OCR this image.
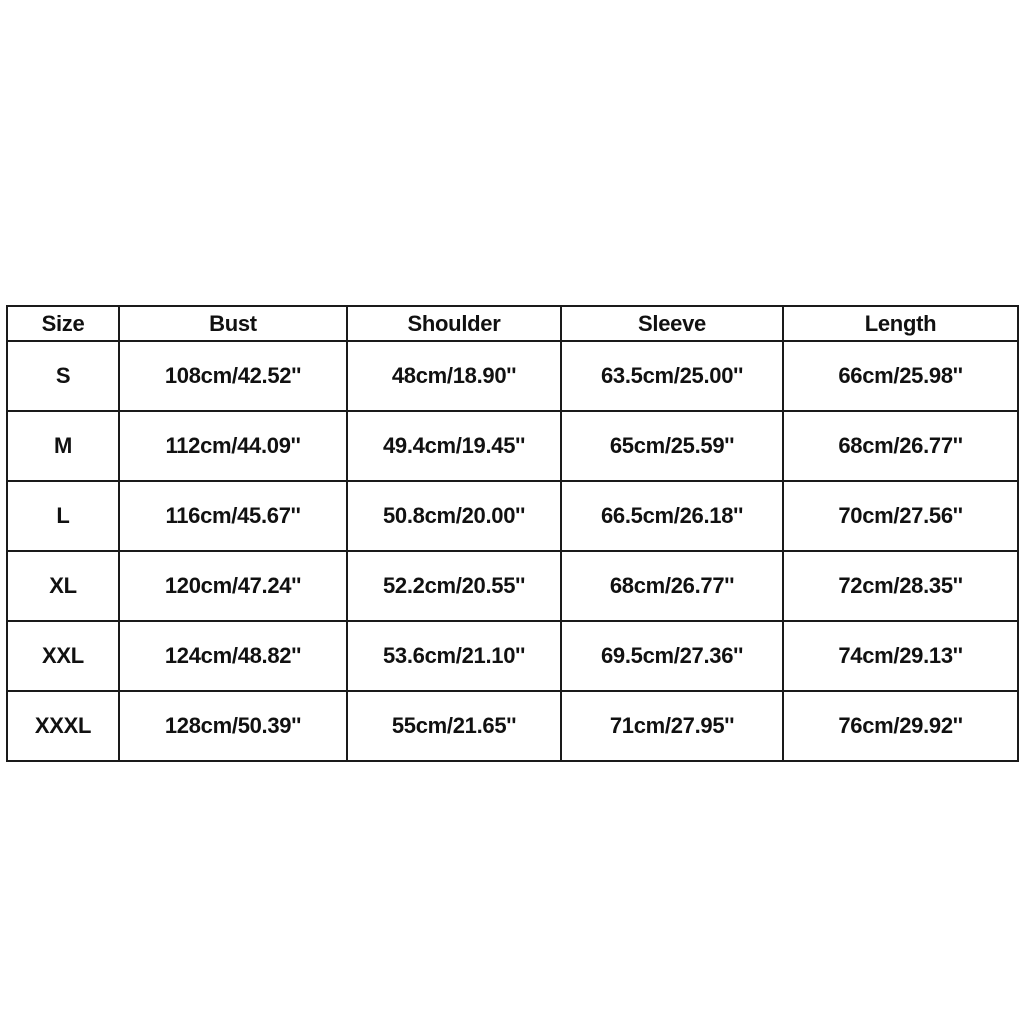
Size	Bust	Shoulder	Sleeve	Length
S	108cm/42.52''	48cm/18.90''	63.5cm/25.00''	66cm/25.98''
M	112cm/44.09''	49.4cm/19.45''	65cm/25.59''	68cm/26.77''
L	116cm/45.67''	50.8cm/20.00''	66.5cm/26.18''	70cm/27.56''
XL	120cm/47.24''	52.2cm/20.55''	68cm/26.77''	72cm/28.35''
XXL	124cm/48.82''	53.6cm/21.10''	69.5cm/27.36''	74cm/29.13''
XXXL	128cm/50.39''	55cm/21.65''	71cm/27.95''	76cm/29.92''
